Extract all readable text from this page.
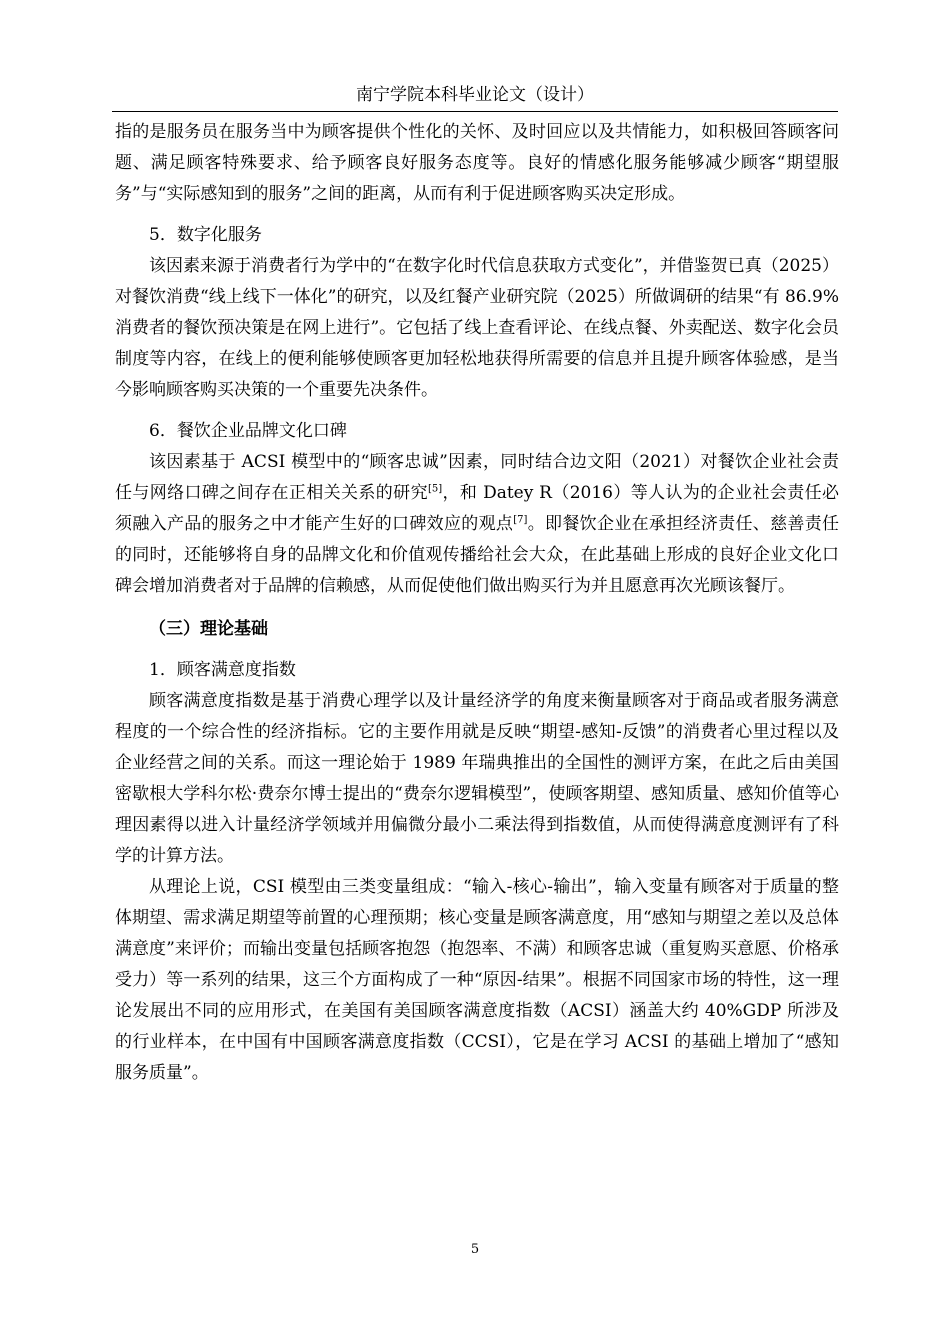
南宁学院本科毕业论文（设计）

指的是服务员在服务当中为顾客提供个性化的关怀、及时回应以及共情能力，如积极回答顾客问题、满足顾客特殊要求、给予顾客良好服务态度等。良好的情感化服务能够减少顾客“期望服务”与“实际感知到的服务”之间的距离，从而有利于促进顾客购买决定形成。

5．数字化服务

该因素来源于消费者行为学中的“在数字化时代信息获取方式变化”，并借鉴贺已真（2025）对餐饮消费“线上线下一体化”的研究，以及红餐产业研究院（2025）所做调研的结果“有 86.9%消费者的餐饮预决策是在网上进行”。它包括了线上查看评论、在线点餐、外卖配送、数字化会员制度等内容，在线上的便利能够使顾客更加轻松地获得所需要的信息并且提升顾客体验感，是当今影响顾客购买决策的一个重要先决条件。

6．餐饮企业品牌文化口碑

该因素基于 ACSI 模型中的“顾客忠诚”因素，同时结合边文阳（2021）对餐饮企业社会责任与网络口碑之间存在正相关关系的研究[5]，和 Datey R（2016）等人认为的企业社会责任必须融入产品的服务之中才能产生好的口碑效应的观点[7]。即餐饮企业在承担经济责任、慈善责任的同时，还能够将自身的品牌文化和价值观传播给社会大众，在此基础上形成的良好企业文化口碑会增加消费者对于品牌的信赖感，从而促使他们做出购买行为并且愿意再次光顾该餐厅。

（三）理论基础

1．顾客满意度指数

顾客满意度指数是基于消费心理学以及计量经济学的角度来衡量顾客对于商品或者服务满意程度的一个综合性的经济指标。它的主要作用就是反映“期望-感知-反馈”的消费者心里过程以及企业经营之间的关系。而这一理论始于 1989 年瑞典推出的全国性的测评方案，在此之后由美国密歇根大学科尔松·费奈尔博士提出的“费奈尔逻辑模型”，使顾客期望、感知质量、感知价值等心理因素得以进入计量经济学领域并用偏微分最小二乘法得到指数值，从而使得满意度测评有了科学的计算方法。

从理论上说，CSI 模型由三类变量组成：“输入-核心-输出”，输入变量有顾客对于质量的整体期望、需求满足期望等前置的心理预期；核心变量是顾客满意度，用“感知与期望之差以及总体满意度”来评价；而输出变量包括顾客抱怨（抱怨率、不满）和顾客忠诚（重复购买意愿、价格承受力）等一系列的结果，这三个方面构成了一种“原因-结果”。根据不同国家市场的特性，这一理论发展出不同的应用形式，在美国有美国顾客满意度指数（ACSI）涵盖大约 40%GDP 所涉及的行业样本，在中国有中国顾客满意度指数（CCSI），它是在学习 ACSI 的基础上增加了“感知服务质量”。

5
